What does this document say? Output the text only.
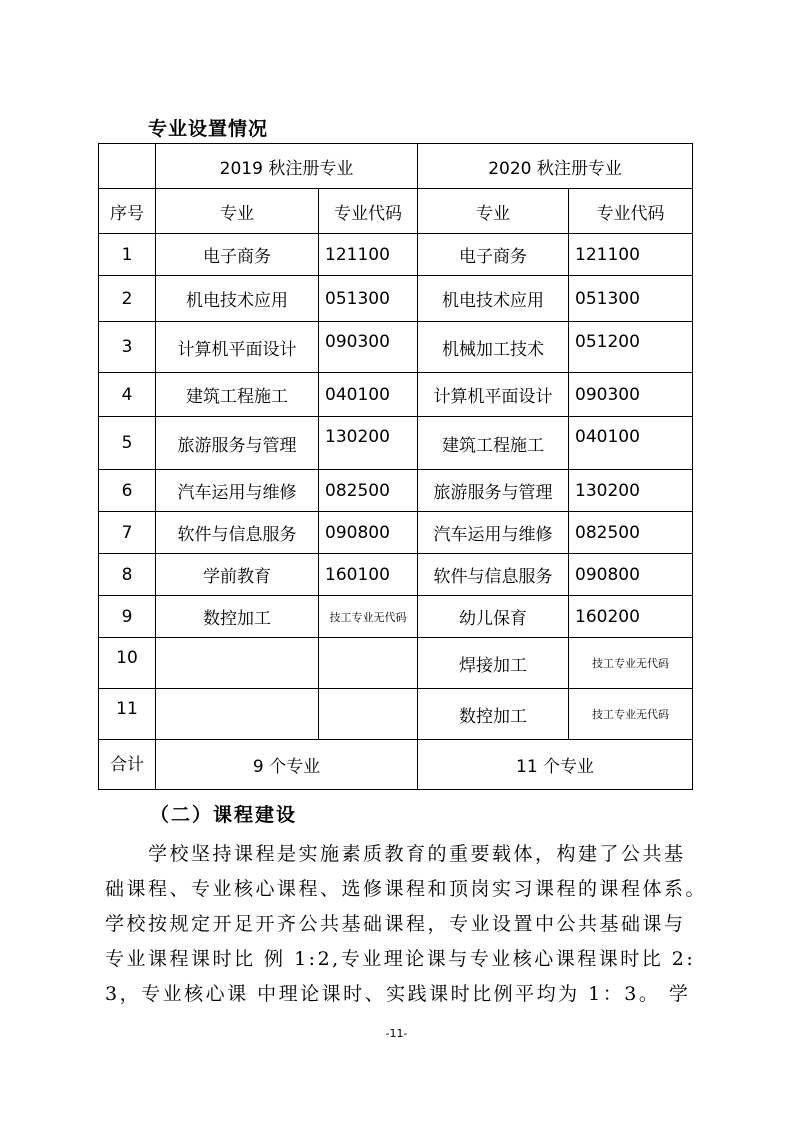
专业设置情况
	2019 秋注册专业		2020 秋注册专业	
序号	专业	专业代码	专业	专业代码
1	电子商务	121100	电子商务	121100
2	机电技术应用	051300	机电技术应用	051300
3	计算机平面设计	090300	机械加工技术	051200
4	建筑工程施工	040100	计算机平面设计	090300
5	旅游服务与管理	130200	建筑工程施工	040100
6	汽车运用与维修	082500	旅游服务与管理	130200
7	软件与信息服务	090800	汽车运用与维修	082500
8	学前教育	160100	软件与信息服务	090800
9	数控加工	技工专业无代码	幼儿保育	160200
10			焊接加工	技工专业无代码
11			数控加工	技工专业无代码
合计	9 个专业		11 个专业	
（二）课程建设

　　学校坚持课程是实施素质教育的重要载体，构建了公共基

础课程、专业核心课程、选修课程和顶岗实习课程的课程体系。

学校按规定开足开齐公共基础课程，专业设置中公共基础课与

专业课程课时比 例 1:2,专业理论课与专业核心课程课时比 2:

3，专业核心课 中理论课时、实践课时比例平均为 1：3。 学

-11-
